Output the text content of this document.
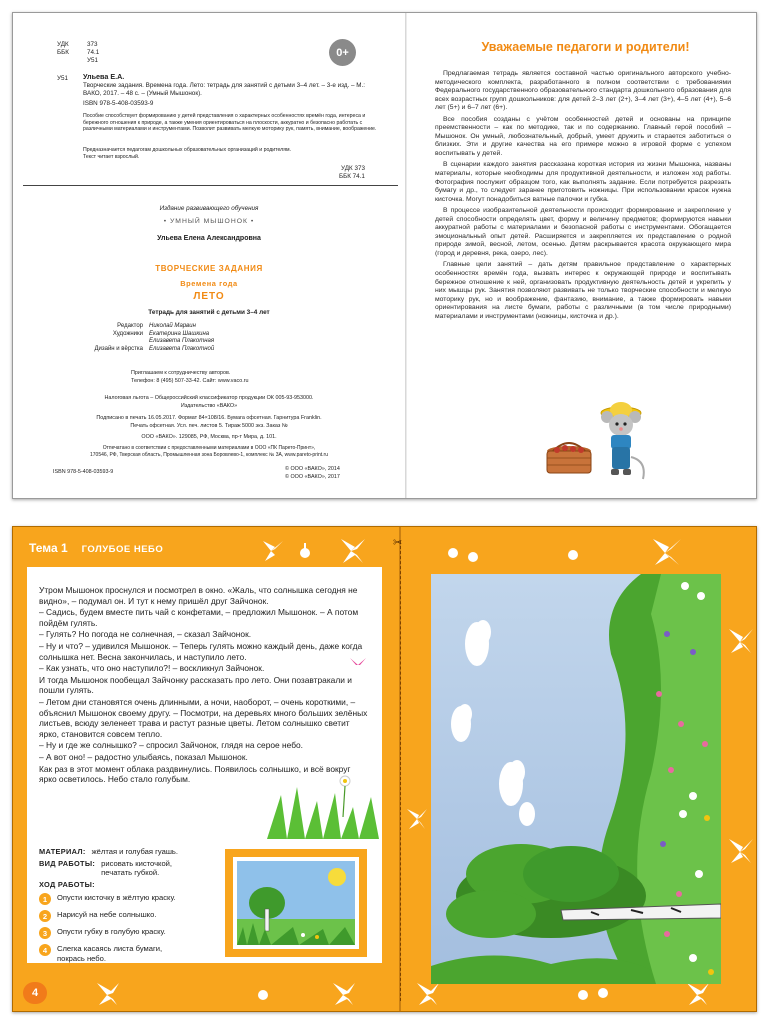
УДК	373
ББК	74.1
У51
0+
У51 Ульева Е.А.
Творческие задания. Времена года. Лето: тетрадь для занятий с детьми 3–4 лет. – 3-е изд. – М.: ВАКО, 2017. – 48 с. – (Умный Мышонок).
ISBN 978-5-408-03593-9
Пособие способствует формированию у детей представления о характерных особенностях времён года, интереса и бережного отношения к природе, а также умения ориентироваться на плоскости, аккуратно и безопасно работать с различными материалами и инструментами. Позволит развивать мелкую моторику рук, память, внимание, воображение.
Предназначается педагогам дошкольных образовательных организаций и родителям.
Текст читает взрослый.
УДК 373
ББК 74.1
Издание развивающего обучения
• УМНЫЙ МЫШОНОК •
Ульева Елена Александровна
ТВОРЧЕСКИЕ ЗАДАНИЯ
Времена года
ЛЕТО
Тетрадь для занятий с детьми 3–4 лет
Редактор	Николай Марвин
Художники	Екатерина Шашкина
Елизавета Плакотная
Дизайн и вёрстка	Елизавета Плакотной
Приглашаем к сотрудничеству авторов.
Телефон: 8 (495) 507-33-42. Сайт: www.vaco.ru
Налоговая льгота – Общероссийский классификатор продукции ОК 005-93-953000.
Издательство «ВАКО»
Подписано в печать 16.05.2017. Формат 84×108/16. Бумага офсетная. Гарнитура Franklin.
Печать офсетная. Усл. печ. листов 5. Тираж 5000 экз. Заказ №
ООО «ВАКО». 129085, РФ, Москва, пр-т Мира, д. 101.
Отпечатано в соответствии с предоставленными материалами в ООО «ПК Парето-Принт»,
170546, РФ, Тверская область, Промышленная зона Боровлево-1, комплекс № 3А, www.pareto-print.ru
ISBN 978-5-408-03593-9	© ООО «ВАКО», 2014
© ООО «ВАКО», 2017
Уважаемые педагоги и родители!

Предлагаемая тетрадь является составной частью оригинального авторского учебно-методического комплекта, разработанного в полном соответствии с требованиями Федерального государственного образовательного стандарта дошкольного образования для всех возрастных групп дошкольников: для детей 2–3 лет (2+), 3–4 лет (3+), 4–5 лет (4+), 5–6 лет (5+) и 6–7 лет (6+).

Все пособия созданы с учётом особенностей детей и основаны на принципе преемственности – как по методике, так и по содержанию. Главный герой пособий – Мышонок. Он умный, любознательный, добрый, умеет дружить и старается заботиться о близких. Эти и другие качества на его примере можно в игровой форме с успехом воспитывать у детей.

В сценарии каждого занятия рассказана короткая история из жизни Мышонка, названы материалы, которые необходимы для продуктивной деятельности, и изложен ход работы. Фотография послужит образцом того, как выполнять задание. Если потребуется разрезать бумагу и др., то следует заранее приготовить ножницы. При использовании красок нужна кисточка. Могут понадобиться ватные палочки и губка.

В процессе изобразительной деятельности происходит формирование и закрепление у детей способности определять цвет, форму и величину предметов; формируются навыки аккуратной работы с материалами и безопасной работы с инструментами. Обогащается эмоциональный опыт детей. Расширяется и закрепляется их представление о родной природе зимой, весной, летом, осенью. Детям раскрывается красота окружающего мира (город и деревня, река, озеро, лес).

Главные цели занятий – дать детям правильное представление о характерных особенностях времён года, вызвать интерес к окружающей природе и воспитывать бережное отношение к ней, организовать продуктивную деятельность детей и укрепить у них мышцы рук. Занятия позволяют развивать не только творческие способности и мелкую моторику рук, но и воображение, фантазию, внимание, а также формировать навыки ориентирования на листе бумаги, работы с различными (в том числе природными) материалами и инструментами (ножницы, кисточка и др.).

✂
Тема 1 ГОЛУБОЕ НЕБО

Утром Мышонок проснулся и посмотрел в окно. «Жаль, что солнышка сегодня не видно», – подумал он. И тут к нему пришёл друг Зайчонок.

– Садись, будем вместе пить чай с конфетами, – предложил Мышонок. – А потом пойдём гулять.

– Гулять? Но погода не солнечная, – сказал Зайчонок.

– Ну и что? – удивился Мышонок. – Теперь гулять можно каждый день, даже когда солнышка нет. Весна закончилась, и наступило лето.

– Как узнать, что оно наступило?! – воскликнул Зайчонок.

И тогда Мышонок пообещал Зайчонку рассказать про лето. Они позавтракали и пошли гулять.

– Летом дни становятся очень длинными, а ночи, наоборот, – очень короткими, – объяснил Мышонок своему другу. – Посмотри, на деревьях много больших зелёных листьев, всюду зеленеет трава и растут разные цветы. Летом солнышко светит ярко, становится совсем тепло.

– Ну и где же солнышко? – спросил Зайчонок, глядя на серое небо.

– А вот оно! – радостно улыбаясь, показал Мышонок.

Как раз в этот момент облака раздвинулись. Появилось солнышко, и всё вокруг ярко осветилось. Небо стало голубым.

МАТЕРИАЛ: жёлтая и голубая гуашь.
ВИД РАБОТЫ: рисовать кисточкой, печатать губкой.
ХОД РАБОТЫ:
1	Опусти кисточку в жёлтую краску.
2	Нарисуй на небе солнышко.
3	Опусти губку в голубую краску.
4	Слегка касаясь листа бумаги, покрась небо.
4
